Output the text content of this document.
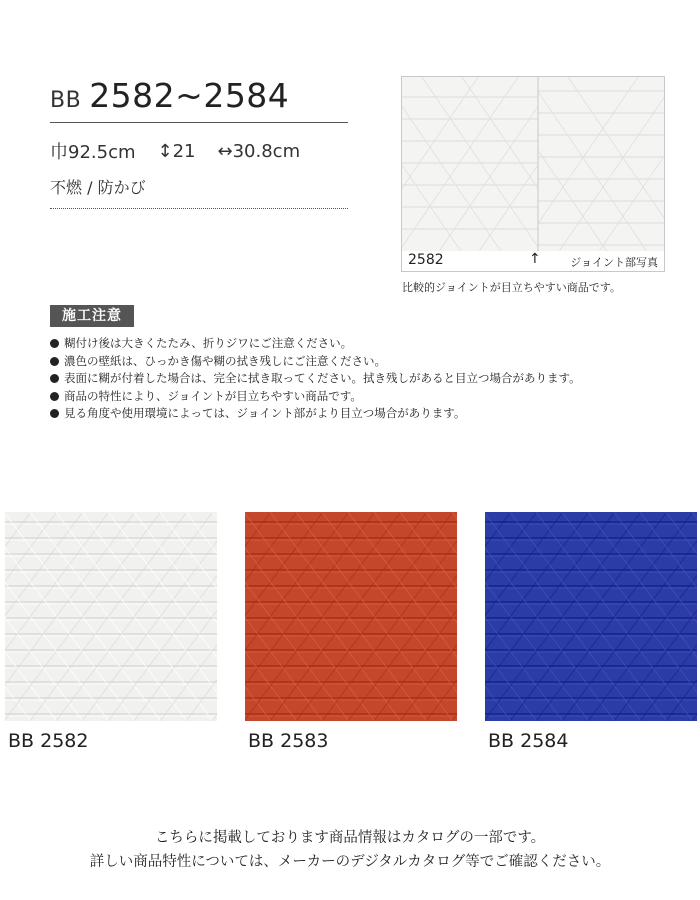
BB 2582~2584
巾92.5cm ↕21 ↔30.8cm
不燃 / 防かび
2582	↑	ジョイント部写真
比較的ジョイントが目立ちやすい商品です。
施工注意
糊付け後は大きくたたみ、折りジワにご注意ください。
濃色の壁紙は、ひっかき傷や糊の拭き残しにご注意ください。
表面に糊が付着した場合は、完全に拭き取ってください。拭き残しがあると目立つ場合があります。
商品の特性により、ジョイントが目立ちやすい商品です。
見る角度や使用環境によっては、ジョイント部がより目立つ場合があります。
BB 2582	BB 2583	BB 2584
こちらに掲載しております商品情報はカタログの一部です。
詳しい商品特性については、メーカーのデジタルカタログ等でご確認ください。
